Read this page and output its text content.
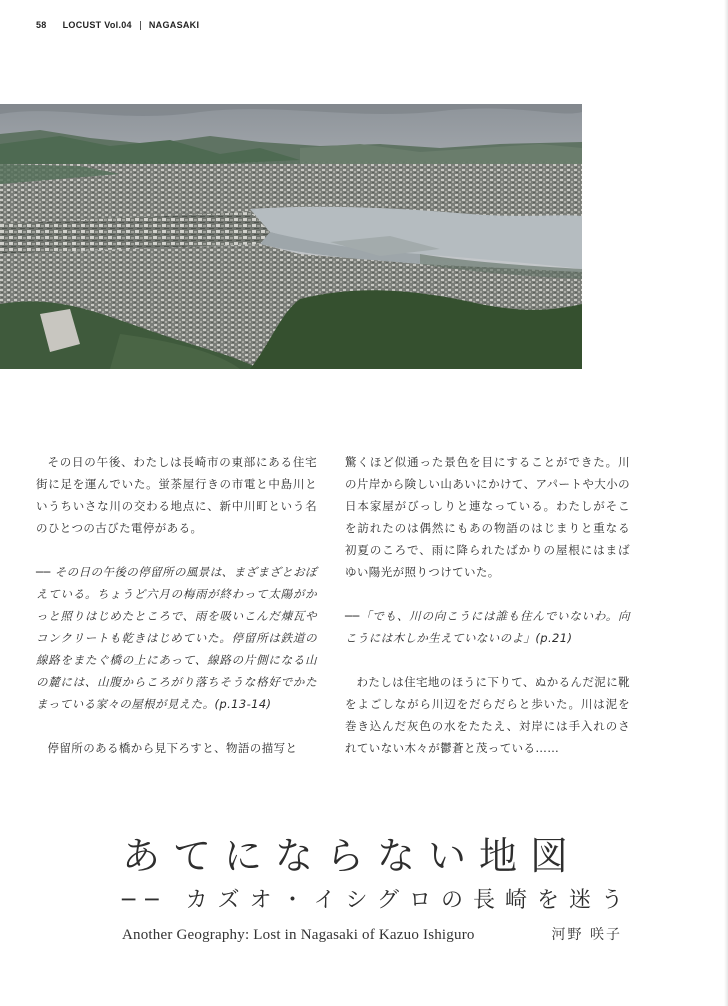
58 LOCUST Vol.04 NAGASAKI

その日の午後、わたしは長崎市の東部にある住宅街に足を運んでいた。蛍茶屋行きの市電と中島川というちいさな川の交わる地点に、新中川町という名のひとつの古びた電停がある。

── その日の午後の停留所の風景は、まざまざとおぼえている。ちょうど六月の梅雨が終わって太陽がかっと照りはじめたところで、雨を吸いこんだ煉瓦やコンクリートも乾きはじめていた。停留所は鉄道の線路をまたぐ橋の上にあって、線路の片側になる山の麓には、山腹からころがり落ちそうな格好でかたまっている家々の屋根が見えた。(p.13-14)

停留所のある橋から見下ろすと、物語の描写と

驚くほど似通った景色を目にすることができた。川の片岸から険しい山あいにかけて、アパートや大小の日本家屋がびっしりと連なっている。わたしがそこを訪れたのは偶然にもあの物語のはじまりと重なる初夏のころで、雨に降られたばかりの屋根にはまばゆい陽光が照りつけていた。

──「でも、川の向こうには誰も住んでいないわ。向こうには木しか生えていないのよ」(p.21)

わたしは住宅地のほうに下りて、ぬかるんだ泥に靴をよごしながら川辺をだらだらと歩いた。川は泥を巻き込んだ灰色の水をたたえ、対岸には手入れのされていない木々が鬱蒼と茂っている……

あてにならない地図
── カズオ・イシグロの長崎を迷う
Another Geography: Lost in Nagasaki of Kazuo Ishiguro	河野 咲子
